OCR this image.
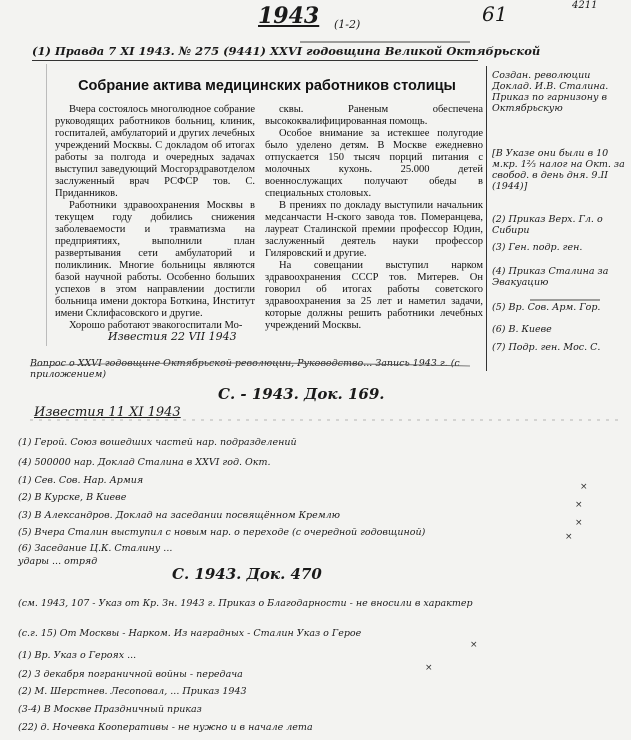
1943 (1-2)	61	4211
(1) Правда 7 XI 1943. № 275 (9441) XXVI годовщина Великой Октябрьской
Собрание актива медицинских работников столицы

Вчера состоялось многолюдное собрание руководящих работников больниц, клиник, госпиталей, амбулаторий и других лечебных учреждений Москвы. С докладом об итогах работы за полгода и очередных задачах выступил заведующий Мосгорздравотделом заслуженный врач РСФСР тов. С. Приданников.

Работники здравоохранения Москвы в текущем году добились снижения заболеваемости и травматизма на предприятиях, выполнили план развертывания сети амбулаторий и поликлиник. Многие больницы являются базой научной работы. Особенно больших успехов в этом направлении достигли больница имени доктора Боткина, Институт имени Склифасовского и другие.

Хорошо работают эвакогоспитали Мо-

сквы. Раненым обеспечена высококвалифицированная помощь.

Особое внимание за истекшее полугодие было уделено детям. В Москве ежедневно отпускается 150 тысяч порций питания с молочных кухонь. 25.000 детей военнослужащих получают обеды в специальных столовых.

В прениях по докладу выступили начальник медсанчасти Н-ского завода тов. Померанцева, лауреат Сталинской премии профессор Юдин, заслуженный деятель науки профессор Гиляровский и другие.

На совещании выступил нарком здравоохранения СССР тов. Митерев. Он говорил об итогах работы советского здравоохранения за 25 лет и наметил задачи, которые должны решить работники лечебных учреждений Москвы.

Создан. революции Доклад. И.В. Сталина. Приказ по гарнизону в Октябрьскую
[В Указе они были в 10 м.кр. 1⅔ налог на Окт. за свобод. в день дня. 9.II (1944)]
(2) Приказ Верх. Гл. о Сибири
(3) Ген. подр. ген.
(4) Приказ Сталина за Эвакуацию
(5) Вр. Сов. Арм. Гор.
(6) В. Киеве
(7) Подр. ген. Мос. С.
Известия 22 VII 1943
Вопрос о XXVI годовщине Октябрьской революции, Руководство... Запись 1943 г. (с приложением)
С. - 1943. Док. 169.
Известия 11 XI 1943
(1) Герой. Союз вошедших частей нар. подразделений
(4) 500000 нар. Доклад Сталина в XXVI год. Окт.
(1) Сев. Сов. Нар. Армия
(2) В Курске, В Киеве
(3) В Александров. Доклад на заседании посвящённом Кремлю
(5) Вчера Сталин выступил с новым нар. о переходе (с очередной годовщиной)
(6) Заседание Ц.К. Сталину ...
удары ... отряд
С. 1943. Док. 470
(см. 1943, 107 - Указ от Кр. Зн. 1943 г. Приказ о Благодарности - не вносили в характер
(с.г. 15) От Москвы - Нарком. Из наградных - Сталин Указ о Герое
(1) Вр. Указ о Героях ...
(2) 3 декабря пограничной войны - передача
(2) М. Шерстнев. Лесоповал, ... Приказ 1943
(3-4) В Москве Праздничный приказ
(22) д. Ночевка Кооперативы - не нужно и в начале лета
×
×
×
×
×
×
